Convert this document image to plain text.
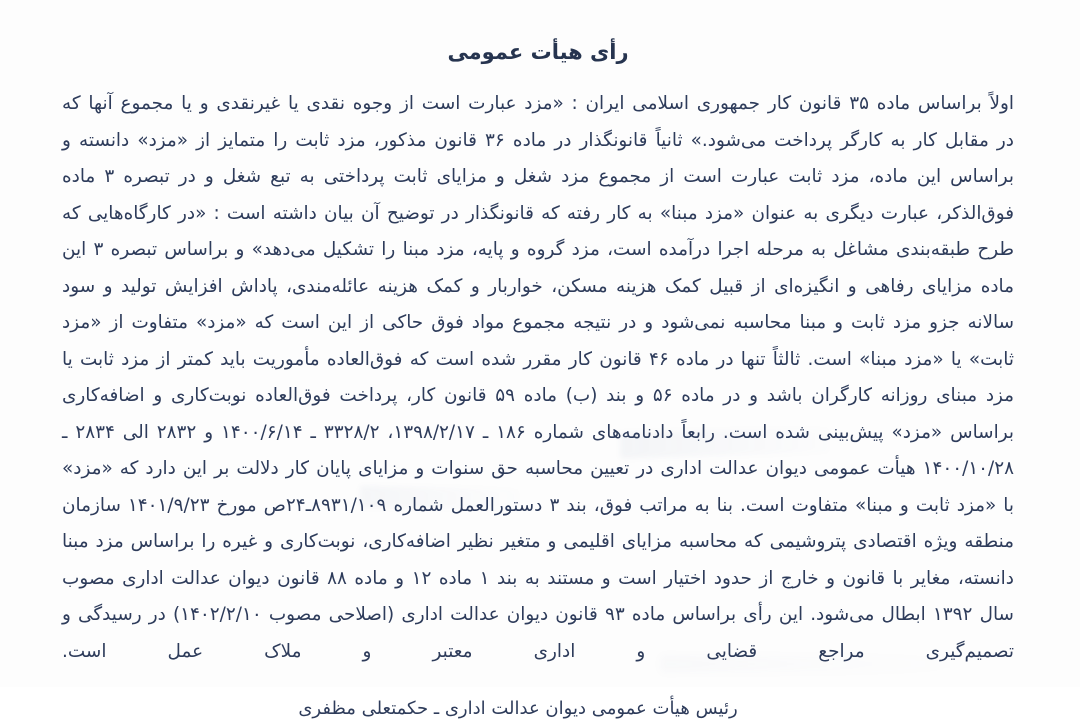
رأی هیأت عمومی

اولاً براساس ماده ۳۵ قانون کار جمهوری اسلامی ایران : «مزد عبارت است از وجوه نقدی یا غیرنقدی و یا مجموع آنها که در مقابل کار به کارگر پرداخت می‌شود.» ثانیاً قانونگذار در ماده ۳۶ قانون مذکور، مزد ثابت را متمایز از «مزد» دانسته و براساس این ماده، مزد ثابت عبارت است از مجموع مزد شغل و مزایای ثابت پرداختی به تبع شغل و در تبصره ۳ ماده فوق‌الذکر، عبارت دیگری به عنوان «مزد مبنا» به کار رفته که قانونگذار در توضیح آن بیان داشته است : «در کارگاه‌هایی که طرح طبقه‌بندی مشاغل به مرحله اجرا درآمده است، مزد گروه و پایه، مزد مبنا را تشکیل می‌دهد» و براساس تبصره ۳ این ماده مزایای رفاهی و انگیزه‌ای از قبیل کمک هزینه مسکن، خواربار و کمک هزینه عائله‌مندی، پاداش افزایش تولید و سود سالانه جزو مزد ثابت و مبنا محاسبه نمی‌شود و در نتیجه مجموع مواد فوق حاکی از این است که «مزد» متفاوت از «مزد ثابت» یا «مزد مبنا» است. ثالثاً تنها در ماده ۴۶ قانون کار مقرر شده است که فوق‌العاده مأموریت باید کمتر از مزد ثابت یا مزد مبنای روزانه کارگران باشد و در ماده ۵۶ و بند (ب) ماده ۵۹ قانون کار، پرداخت فوق‌العاده نوبت‌کاری و اضافه‌کاری براساس «مزد» پیش‌بینی شده است. رابعاً دادنامه‌های شماره ۱۸۶ ـ ۱۳۹۸/۲/۱۷، ۳۳۲۸/۲ ـ ۱۴۰۰/۶/۱۴ و ۲۸۳۲ الی ۲۸۳۴ ـ ۱۴۰۰/۱۰/۲۸ هیأت عمومی دیوان عدالت اداری در تعیین محاسبه حق سنوات و مزایای پایان کار دلالت بر این دارد که «مزد» با «مزد ثابت و مبنا» متفاوت است. بنا به مراتب فوق، بند ۳ دستورالعمل شماره ۸۹۳۱/۱۰۹ـ۲۴ص مورخ ۱۴۰۱/۹/۲۳ سازمان منطقه ویژه اقتصادی پتروشیمی که محاسبه مزایای اقلیمی و متغیر نظیر اضافه‌کاری، نوبت‌کاری و غیره را براساس مزد مبنا دانسته، مغایر با قانون و خارج از حدود اختیار است و مستند به بند ۱ ماده ۱۲ و ماده ۸۸ قانون دیوان عدالت اداری مصوب سال ۱۳۹۲ ابطال می‌شود. این رأی براساس ماده ۹۳ قانون دیوان عدالت اداری (اصلاحی مصوب ۱۴۰۲/۲/۱۰) در رسیدگی و تصمیم‌گیری مراجع قضایی و اداری معتبر و ملاک عمل است.

رئیس هیأت عمومی دیوان عدالت اداری ـ حکمتعلی مظفری
